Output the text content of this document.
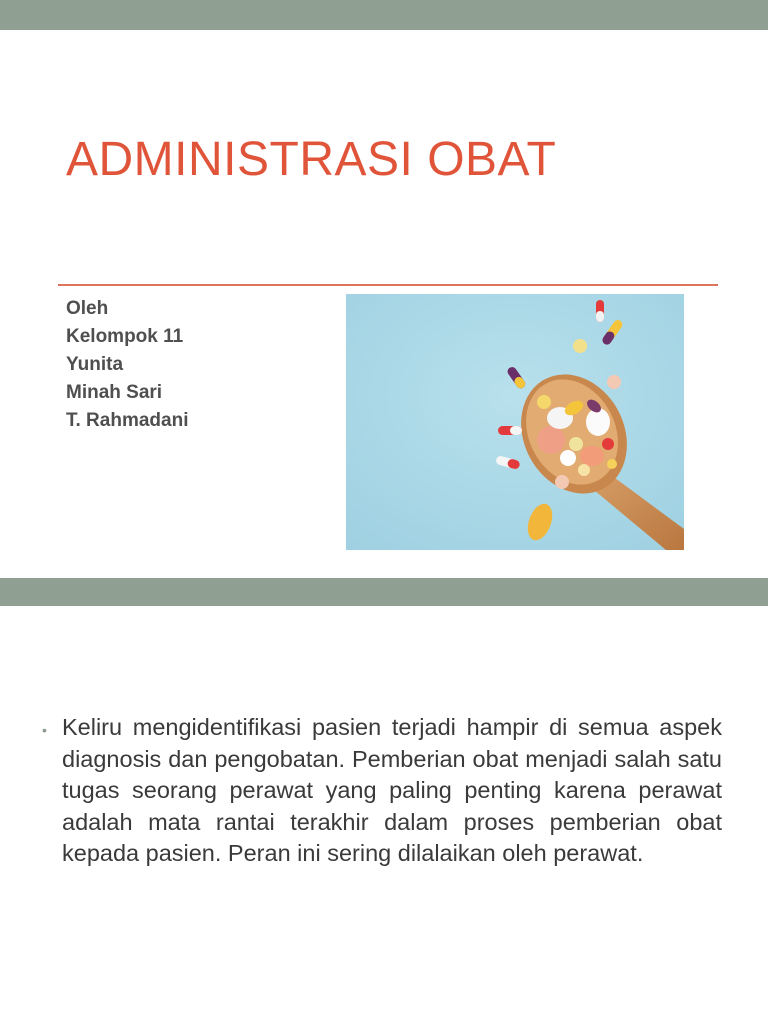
ADMINISTRASI OBAT
Oleh
Kelompok 11
Yunita
Minah Sari
T. Rahmadani
• Keliru mengidentifikasi pasien terjadi hampir di semua aspek diagnosis dan pengobatan. Pemberian obat menjadi salah satu tugas seorang perawat yang paling penting karena perawat adalah mata rantai terakhir dalam proses pemberian obat kepada pasien. Peran ini sering dilalaikan oleh perawat.
